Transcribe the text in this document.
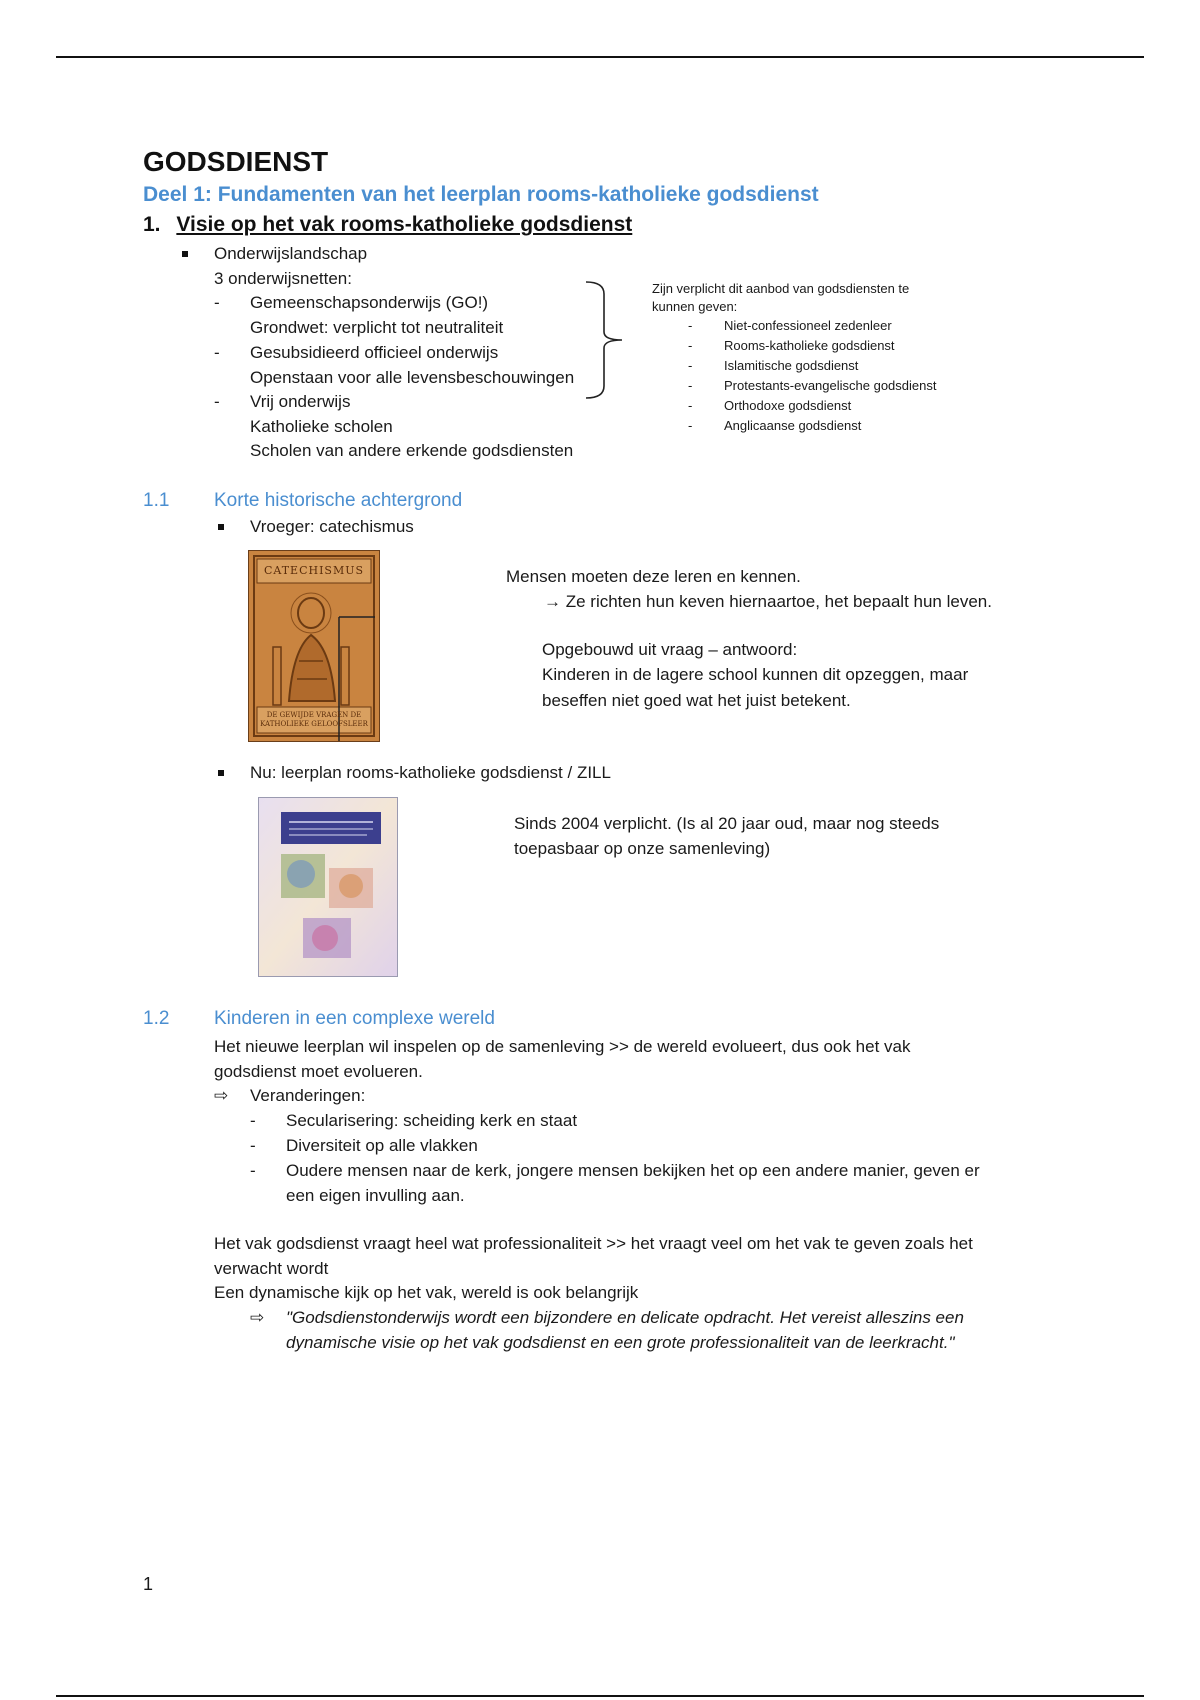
GODSDIENST
Deel 1: Fundamenten van het leerplan rooms-katholieke godsdienst
1. Visie op het vak rooms-katholieke godsdienst
Onderwijslandschap
3 onderwijsnetten:
- Gemeenschapsonderwijs (GO!)
Grondwet: verplicht tot neutraliteit
- Gesubsidieerd officieel onderwijs
Openstaan voor alle levensbeschouwingen
- Vrij onderwijs
Katholieke scholen
Scholen van andere erkende godsdiensten
Zijn verplicht dit aanbod van godsdiensten te
kunnen geven:
- Niet-confessioneel zedenleer
- Rooms-katholieke godsdienst
- Islamitische godsdienst
- Protestants-evangelische godsdienst
- Orthodoxe godsdienst
- Anglicaanse godsdienst
1.1 Korte historische achtergrond
Vroeger: catechismus
CATECHISMUS
DE GEWIJDE VRAGEN DE KATHOLIEKE GELOOFSLEER
Mensen moeten deze leren en kennen.
→ Ze richten hun keven hiernaartoe, het bepaalt hun leven.
Opgebouwd uit vraag – antwoord:
Kinderen in de lagere school kunnen dit opzeggen, maar
beseffen niet goed wat het juist betekent.
Nu: leerplan rooms-katholieke godsdienst / ZILL
Sinds 2004 verplicht. (Is al 20 jaar oud, maar nog steeds
toepasbaar op onze samenleving)
1.2 Kinderen in een complexe wereld
Het nieuwe leerplan wil inspelen op de samenleving >> de wereld evolueert, dus ook het vak
godsdienst moet evolueren.
⇨ Veranderingen:
- Secularisering: scheiding kerk en staat
- Diversiteit op alle vlakken
- Oudere mensen naar de kerk, jongere mensen bekijken het op een andere manier, geven er
een eigen invulling aan.
Het vak godsdienst vraagt heel wat professionaliteit >> het vraagt veel om het vak te geven zoals het
verwacht wordt
Een dynamische kijk op het vak, wereld is ook belangrijk
⇨ "Godsdienstonderwijs wordt een bijzondere en delicate opdracht. Het vereist alleszins een
dynamische visie op het vak godsdienst en een grote professionaliteit van de leerkracht."
1
